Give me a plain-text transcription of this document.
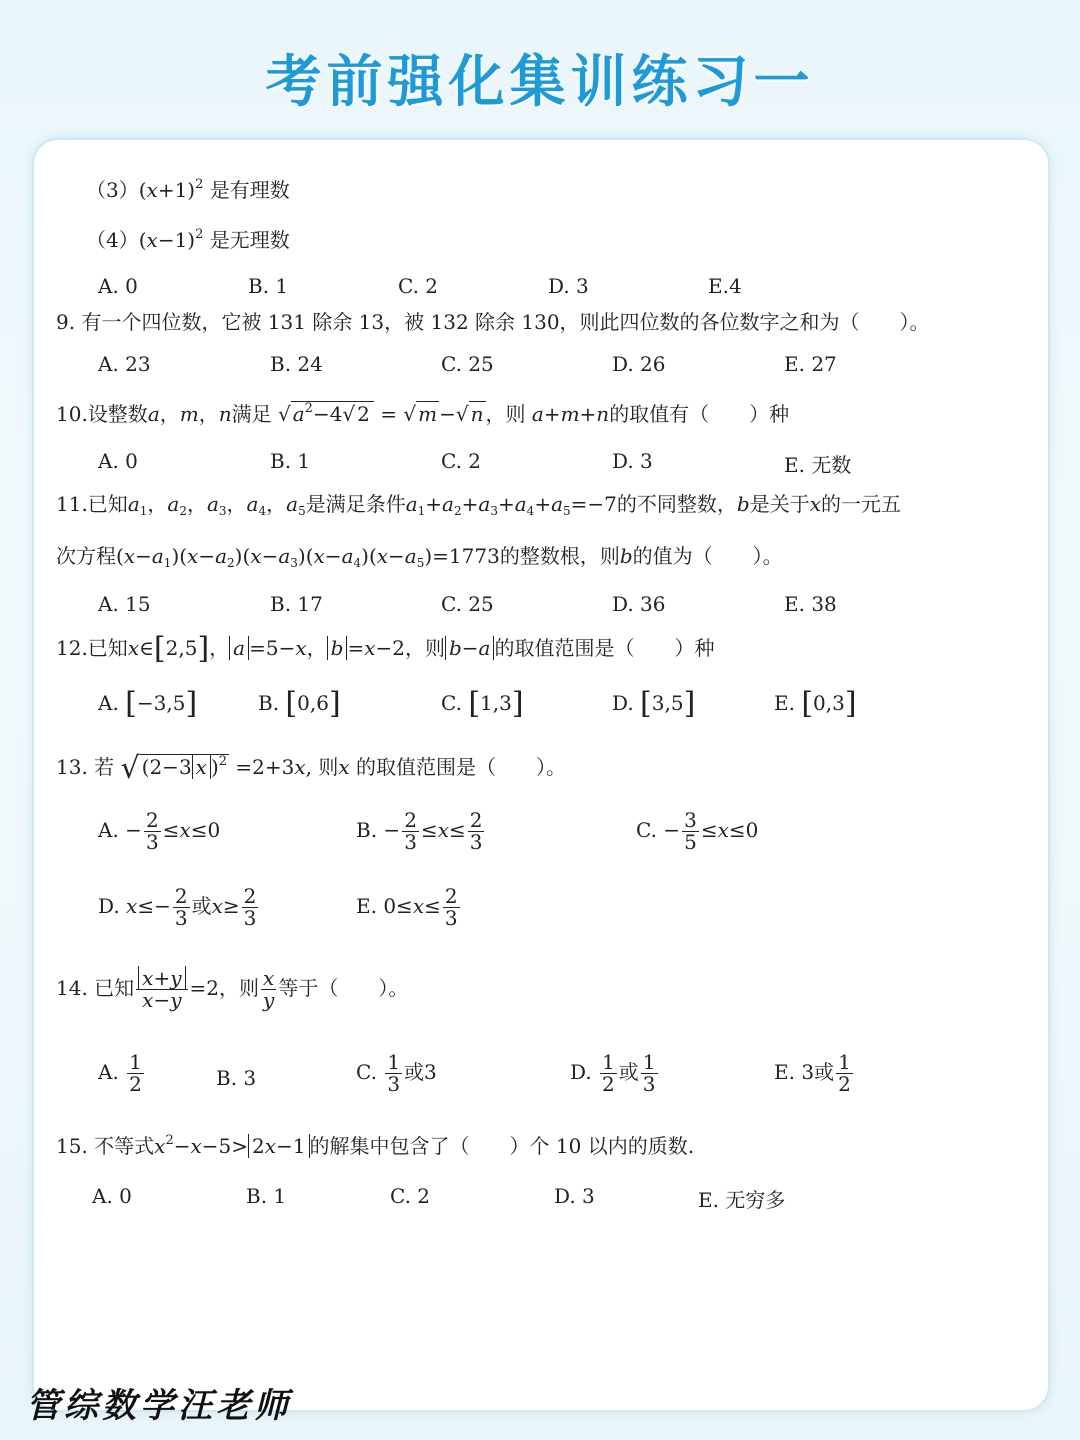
考前强化集训练习一
$(3)(x+1)^2$ 是有理数
$(4)(x-1)^2$ 是无理数
A. 0	B. 1	C. 2	D. 3	E.4
9. 有一个四位数，它被 131 除余 13，被 132 除余 130，则此四位数的各位数字之和为（　　）。
A. 23	B. 24	C. 25	D. 26	E. 27
10.设整数a，m，n满足 √ $a^2-4√$ 2 = √ m −√ n ，则 a+m+n的取值有（　　）种
A. 0	B. 1	C. 2	D. 3	E. 无数
11.已知$a_1$，$a_2$，$a_3$，$a_4$，$a_5$是满足条件$a_1+a_2+a_3+a_4+a_5=-7$的不同整数，b是关于x的一元五
次方程$(x-a_1)(x-a_2)(x-a_3)(x-a_4)(x-a_5)=1773$的整数根，则b的值为（　　）。
A. 15	B. 17	C. 25	D. 36	E. 38
12.已知x∈[2,5]， a =5−x， b =x−2，则 b−a 的取值范围是（　　）种
A. [−3,5]	B. [0,6]	C. [1,3]	D. [3,5]	E. [0,3]
13. 若 √ (2−3 x )$^2$ =2+3x, 则x 的取值范围是（　　）。
A. − $\frac{2}{3} \le x\le 0$	B. − $\frac{2}{3} \le x\le \frac{2}{3}$	C. − $\frac{3}{5} \le x\le 0$
D. $x\le- \frac{2}{3}$ 或$x\ge \frac{2}{3}$	E. $0\le x\le \frac{2}{3}$
14. 已知 $\frac{x+y}{x-y} =2$，则 $\frac{x}{y}$ 等于（　　）。
A. $\frac{1}{2}$	B. 3	C. $\frac{1}{3}$ 或3	D. $\frac{1}{2}$ 或 $\frac{1}{3}$	E. 3或 $\frac{1}{2}$
15. 不等式$x^2-x-5> 2x-1$ 的解集中包含了（　　）个 10 以内的质数.
A. 0	B. 1	C. 2	D. 3	E. 无穷多
管综数学汪老师
